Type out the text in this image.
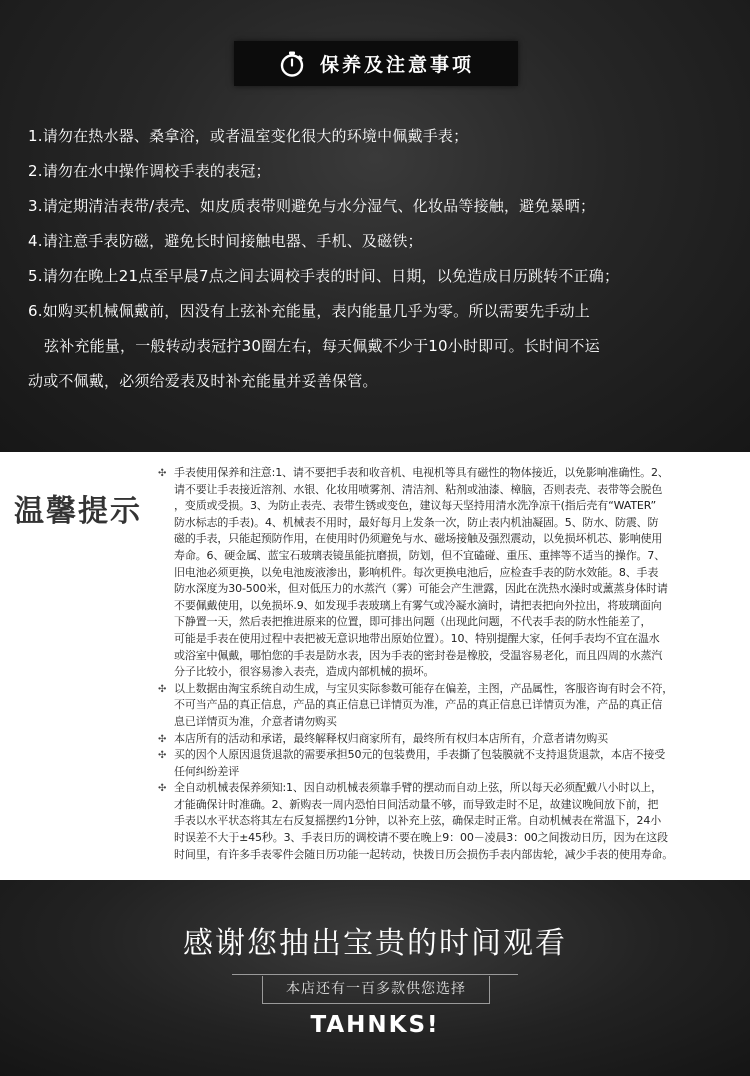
保养及注意事项
1.请勿在热水器、桑拿浴，或者温室变化很大的环境中佩戴手表；
2.请勿在水中操作调校手表的表冠；
3.请定期清洁表带/表壳、如皮质表带则避免与水分湿气、化妆品等接触，避免暴晒；
4.请注意手表防磁，避免长时间接触电器、手机、及磁铁；
5.请勿在晚上21点至早晨7点之间去调校手表的时间、日期，以免造成日历跳转不正确；
6.如购买机械佩戴前，因没有上弦补充能量，表内能量几乎为零。所以需要先手动上
弦补充能量，一般转动表冠拧30圈左右，每天佩戴不少于10小时即可。长时间不运
动或不佩戴，必须给爱表及时补充能量并妥善保管。
温馨提示
✣ 手表使用保养和注意:1、请不要把手表和收音机、电视机等具有磁性的物体接近，以免影响准确性。2、
请不要让手表接近溶剂、水银、化妆用喷雾剂、清洁剂、粘剂或油漆、樟脑，否则表壳、表带等会脱色
，变质或受损。3、为防止表壳、表带生锈或变色，建议每天坚持用清水洗净凉干(指后壳有“WATER”
防水标志的手表)。4、机械表不用时，最好每月上发条一次，防止表内机油凝固。5、防水、防震、防
磁的手表，只能起预防作用，在使用时仍须避免与水、磁场接触及强烈震动，以免损坏机芯、影响使用
寿命。6、硬金属、蓝宝石玻璃表镜虽能抗磨损，防划，但不宜磕碰、重压、重摔等不适当的操作。7、
旧电池必须更换，以免电池废液渗出，影响机件。每次更换电池后，应检查手表的防水效能。8、手表
防水深度为30-500米，但对低压力的水蒸汽（雾）可能会产生泄露，因此在洗热水澡时或薰蒸身体时请
不要佩戴使用，以免损坏.9、如发现手表玻璃上有雾气或冷凝水滴时，请把表把向外拉出，将玻璃面向
下静置一天，然后表把推进原来的位置，即可排出问题（出现此问题，不代表手表的防水性能差了，
可能是手表在使用过程中表把被无意识地带出原始位置）。10、特别提醒大家，任何手表均不宜在温水
或浴室中佩戴，哪怕您的手表是防水表，因为手表的密封卷是橡胶，受温容易老化，而且四周的水蒸汽
分子比较小，很容易渗入表壳，造成内部机械的损坏。
✣ 以上数据由淘宝系统自动生成，与宝贝实际参数可能存在偏差，主图，产品属性，客服咨询有时会不符，
不可当产品的真正信息，产品的真正信息已详情页为准，产品的真正信息已详情页为准，产品的真正信
息已详情页为准，介意者请勿购买
✣ 本店所有的活动和承诺，最终解释权归商家所有，最终所有权归本店所有，介意者请勿购买
✣ 买的因个人原因退货退款的需要承担50元的包装费用，手表撕了包装膜就不支持退货退款，本店不接受
任何纠纷差评
✣ 全自动机械表保养须知:1、因自动机械表须靠手臂的摆动而自动上弦，所以每天必须配戴八小时以上，
才能确保计时准确。2、新购表一周内恐怕日间活动量不够，而导致走时不足，故建议晚间放下前，把
手表以水平状态将其左右反复摇摆约1分钟，以补充上弦，确保走时正常。自动机械表在常温下，24小
时误差不大于±45秒。3、手表日历的调校请不要在晚上9：00－凌晨3：00之间拨动日历，因为在这段
时间里，有许多手表零件会随日历功能一起转动，快拨日历会损伤手表内部齿轮，减少手表的使用寿命。
感谢您抽出宝贵的时间观看
本店还有一百多款供您选择
TAHNKS!
